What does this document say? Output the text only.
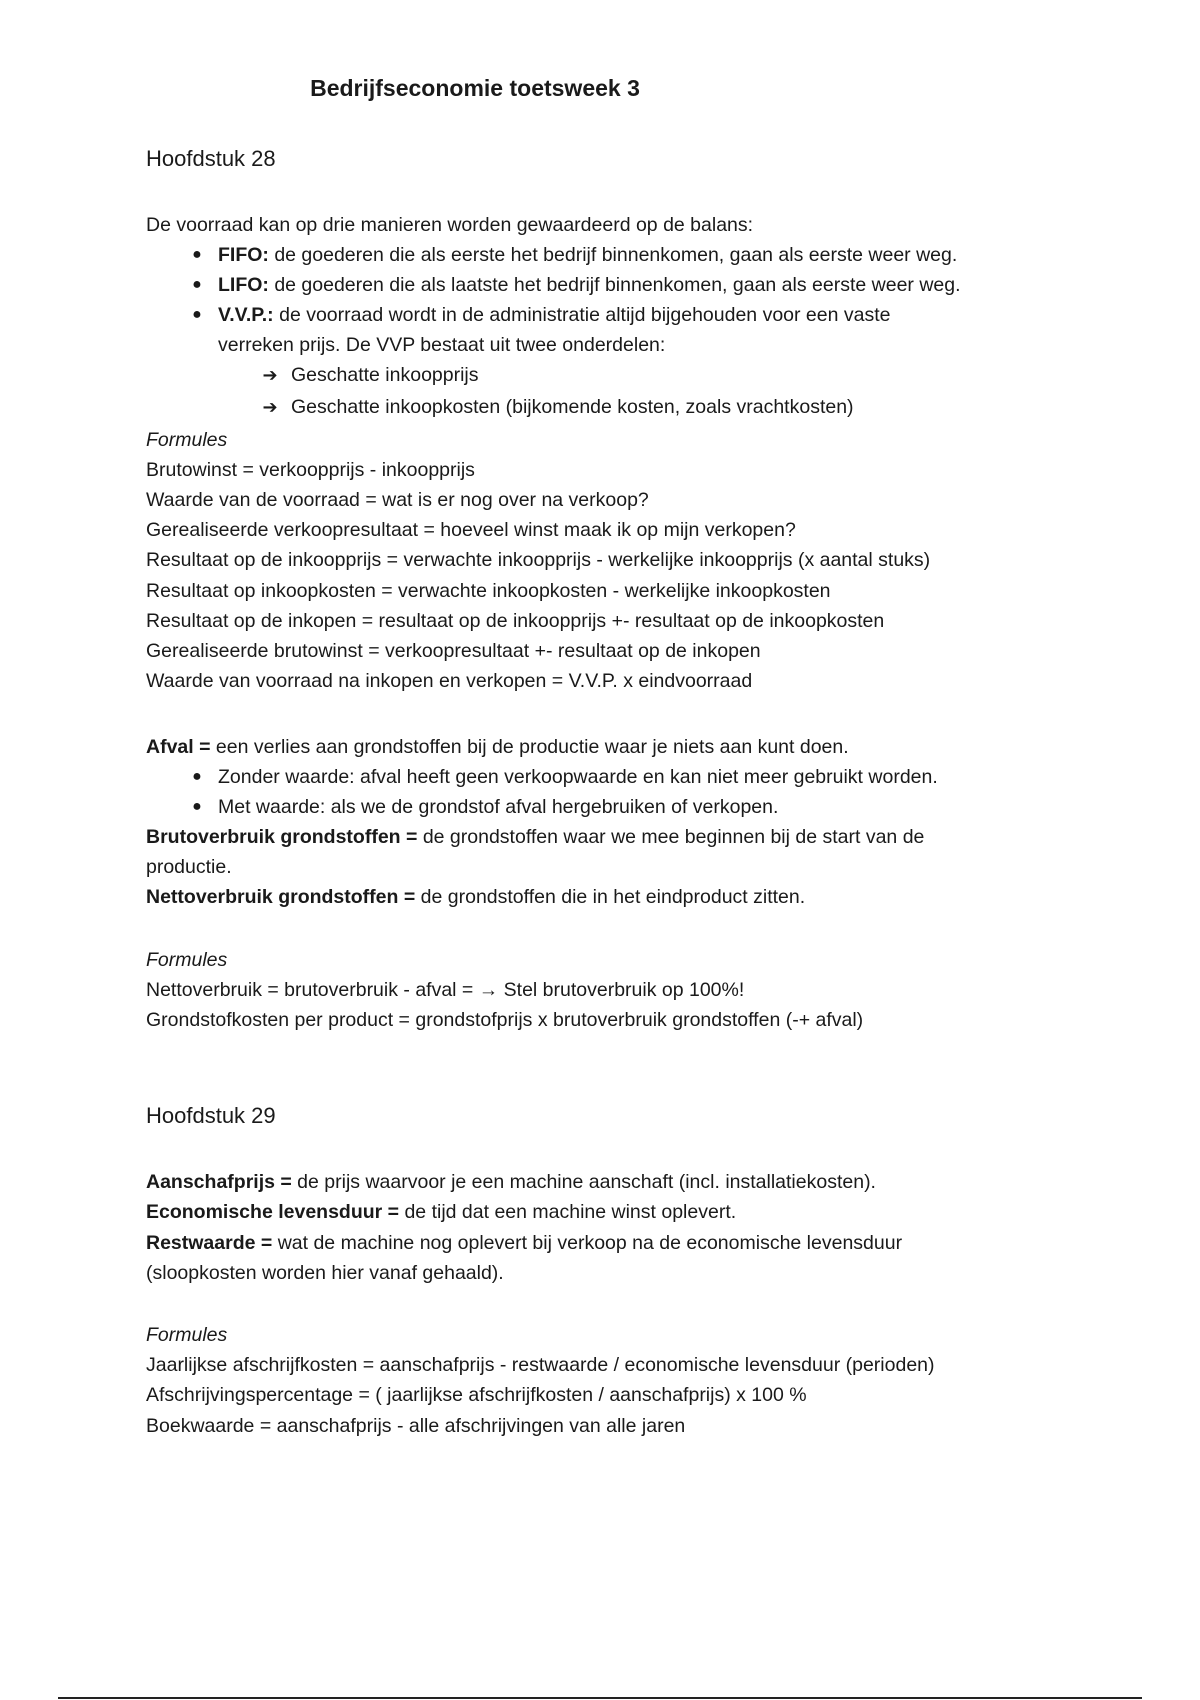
Bedrijfseconomie toetsweek 3
Hoofdstuk 28
De voorraad kan op drie manieren worden gewaardeerd op de balans:
● FIFO: de goederen die als eerste het bedrijf binnenkomen, gaan als eerste weer weg.
● LIFO: de goederen die als laatste het bedrijf binnenkomen, gaan als eerste weer weg.
● V.V.P.: de voorraad wordt in de administratie altijd bijgehouden voor een vaste
verreken prijs. De VVP bestaat uit twee onderdelen:
➔ Geschatte inkoopprijs
➔ Geschatte inkoopkosten (bijkomende kosten, zoals vrachtkosten)
Formules
Brutowinst = verkoopprijs - inkoopprijs
Waarde van de voorraad = wat is er nog over na verkoop?
Gerealiseerde verkoopresultaat = hoeveel winst maak ik op mijn verkopen?
Resultaat op de inkoopprijs = verwachte inkoopprijs - werkelijke inkoopprijs (x aantal stuks)
Resultaat op inkoopkosten = verwachte inkoopkosten - werkelijke inkoopkosten
Resultaat op de inkopen = resultaat op de inkoopprijs +- resultaat op de inkoopkosten
Gerealiseerde brutowinst = verkoopresultaat +- resultaat op de inkopen
Waarde van voorraad na inkopen en verkopen = V.V.P. x eindvoorraad
Afval = een verlies aan grondstoffen bij de productie waar je niets aan kunt doen.
● Zonder waarde: afval heeft geen verkoopwaarde en kan niet meer gebruikt worden.
● Met waarde: als we de grondstof afval hergebruiken of verkopen.
Brutoverbruik grondstoffen = de grondstoffen waar we mee beginnen bij de start van de
productie.
Nettoverbruik grondstoffen = de grondstoffen die in het eindproduct zitten.
Formules
Nettoverbruik = brutoverbruik - afval = → Stel brutoverbruik op 100%!
Grondstofkosten per product = grondstofprijs x brutoverbruik grondstoffen (-+ afval)
Hoofdstuk 29
Aanschafprijs = de prijs waarvoor je een machine aanschaft (incl. installatiekosten).
Economische levensduur = de tijd dat een machine winst oplevert.
Restwaarde = wat de machine nog oplevert bij verkoop na de economische levensduur
(sloopkosten worden hier vanaf gehaald).
Formules
Jaarlijkse afschrijfkosten = aanschafprijs - restwaarde / economische levensduur (perioden)
Afschrijvingspercentage = ( jaarlijkse afschrijfkosten / aanschafprijs) x 100 %
Boekwaarde = aanschafprijs - alle afschrijvingen van alle jaren
